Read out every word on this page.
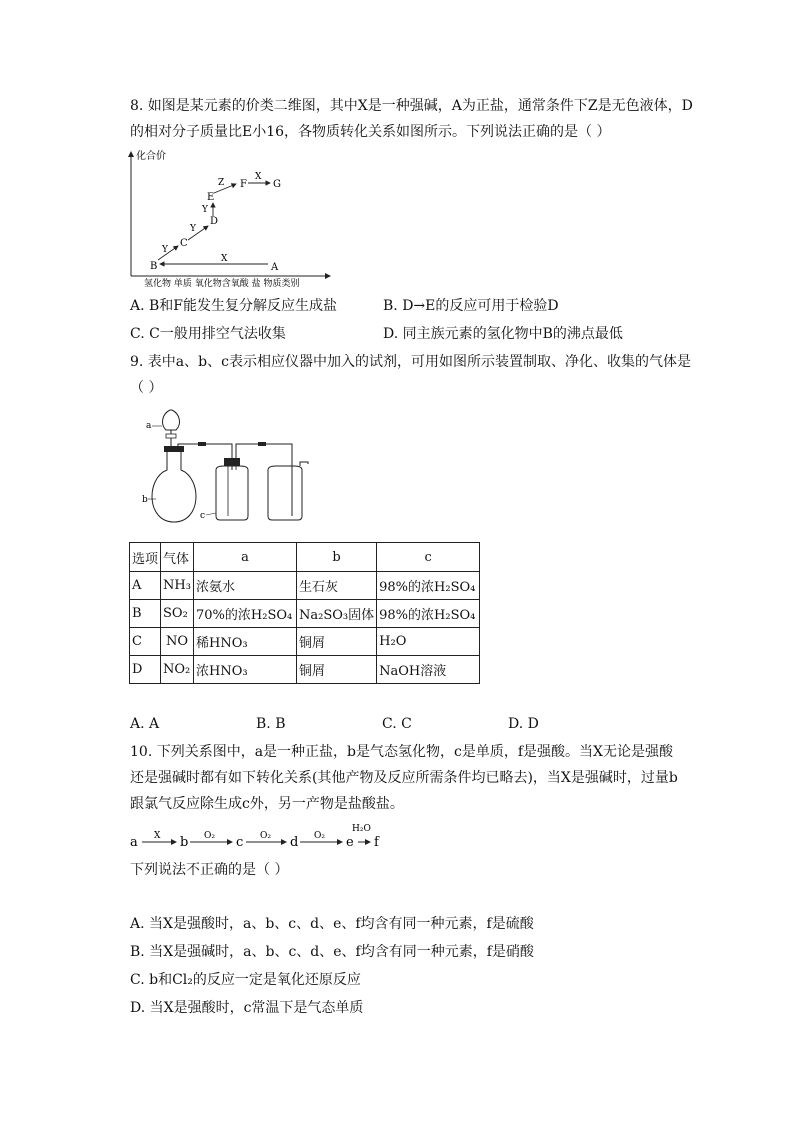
8. 如图是某元素的价类二维图，其中X是一种强碱，A为正盐，通常条件下Z是无色液体，D
的相对分子质量比E小16，各物质转化关系如图所示。下列说法正确的是（ ）
化合价
氢化物 单质 氧化物含氧酸 盐 物质类别
B
C
D
E
F	G
A
X
Y
Y
Y
Z
X
A. B和F能发生复分解反应生成盐	B. D→E的反应可用于检验D
C. C一般用排空气法收集	D. 同主族元素的氢化物中B的沸点最低
9. 表中a、b、c表示相应仪器中加入的试剂，可用如图所示装置制取、净化、收集的气体是
（ ）
a
b
c
选项	气体	a	b	c
A	NH₃	浓氨水	生石灰	98%的浓H₂SO₄
B	SO₂	70%的浓H₂SO₄	Na₂SO₃固体	98%的浓H₂SO₄
C	NO	稀HNO₃	铜屑	H₂O
D	NO₂	浓HNO₃	铜屑	NaOH溶液
A. A	B. B	C. C	D. D
10. 下列关系图中，a是一种正盐，b是气态氢化物，c是单质，f是强酸。当X无论是强酸
还是强碱时都有如下转化关系(其他产物及反应所需条件均已略去)，当X是强碱时，过量b
跟氯气反应除生成c外，另一产物是盐酸盐。
a X b O₂ c O₂ d O₂ e
H₂O
f
下列说法不正确的是（ ）
A. 当X是强酸时，a、b、c、d、e、f均含有同一种元素，f是硫酸
B. 当X是强碱时，a、b、c、d、e、f均含有同一种元素，f是硝酸
C. b和Cl₂的反应一定是氧化还原反应
D. 当X是强酸时，c常温下是气态单质
